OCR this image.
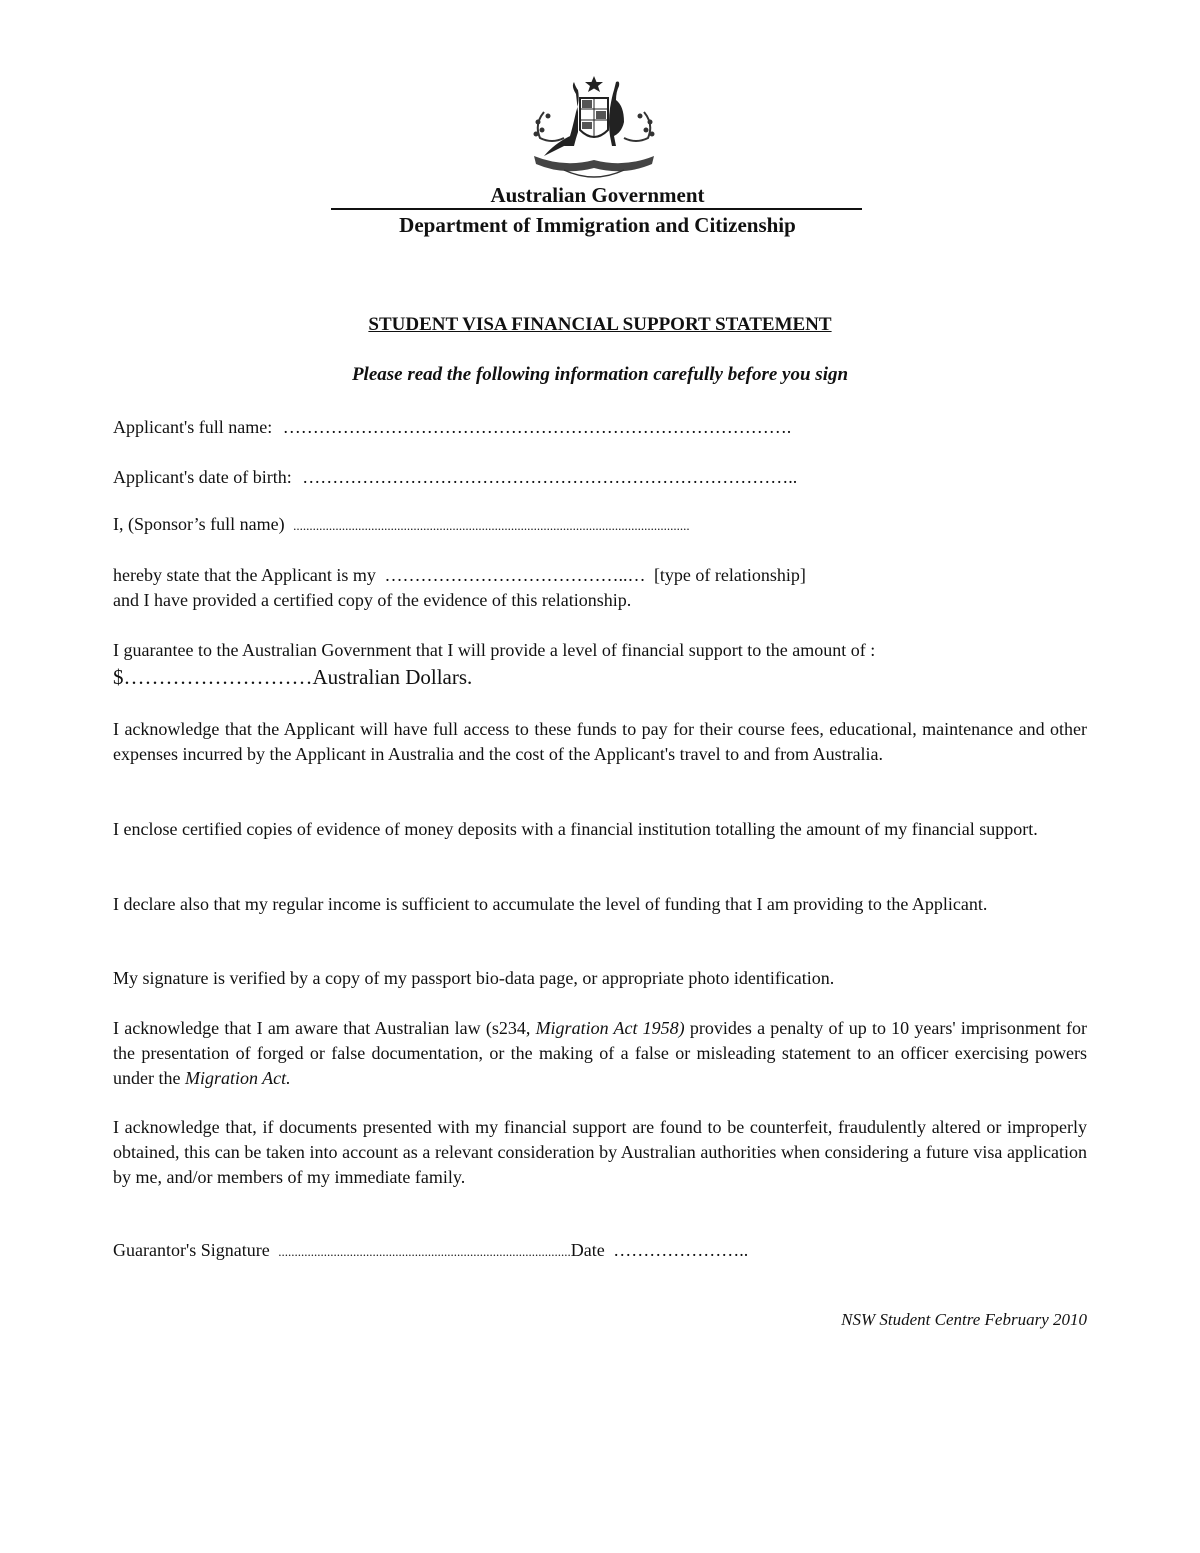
Australian Government
Department of Immigration and Citizenship
STUDENT VISA FINANCIAL SUPPORT STATEMENT
Please read the following information carefully before you sign
Applicant's full name: ………………………………………………………………………….
Applicant's date of birth: ………………………………………………………………………..
I, (Sponsor’s full name) ..........................................................................................................................
hereby state that the Applicant is my …………………………………..… [type of relationship]
and I have provided a certified copy of the evidence of this relationship.
I guarantee to the Australian Government that I will provide a level of financial support to the amount of :
$………………………Australian Dollars.
I acknowledge that the Applicant will have full access to these funds to pay for their course fees, educational, maintenance and other expenses incurred by the Applicant in Australia and the cost of the Applicant's travel to and from Australia.
I enclose certified copies of evidence of money deposits with a financial institution totalling the amount of my financial support.
I declare also that my regular income is sufficient to accumulate the level of funding that I am providing to the Applicant.
My signature is verified by a copy of my passport bio-data page, or appropriate photo identification.
I acknowledge that I am aware that Australian law (s234, Migration Act 1958) provides a penalty of up to 10 years' imprisonment for the presentation of forged or false documentation, or the making of a false or misleading statement to an officer exercising powers under the Migration Act.
I acknowledge that, if documents presented with my financial support are found to be counterfeit, fraudulently altered or improperly obtained, this can be taken into account as a relevant consideration by Australian authorities when considering a future visa application by me, and/or members of my immediate family.
Guarantor's Signature ..........................................................................................Date …………………..
NSW Student Centre February 2010
